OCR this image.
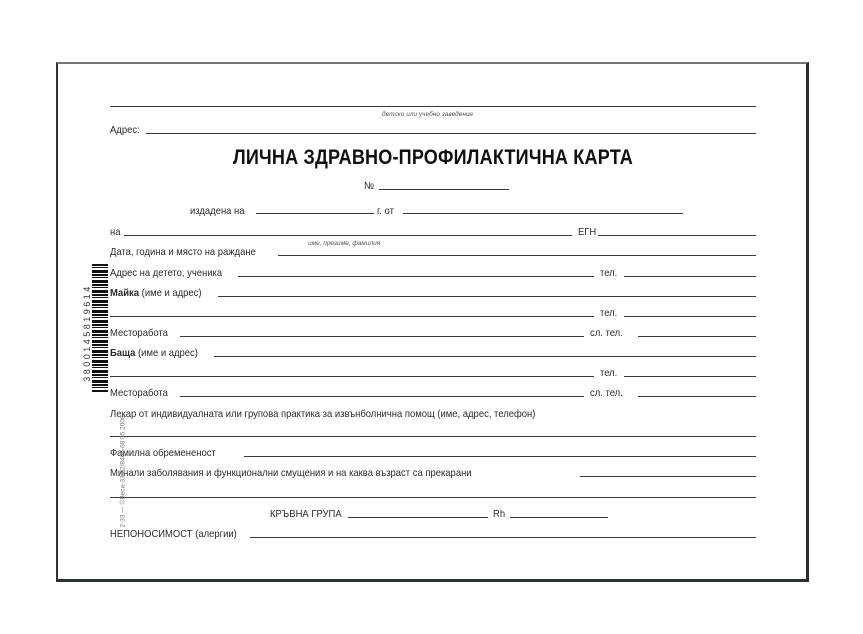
детско или учебно заведение
Адрес:
ЛИЧНА ЗДРАВНО-ПРОФИЛАКТИЧНА КАРТА
№
издадена на	г. от
на	ЕГН
име, презиме, фамилия
Дата, година и място на раждане
Адрес на детето, ученика	тел.
Майка (име и адрес)
тел.
Месторабота	сл. тел.
Баща (име и адрес)
тел.
Месторабота	сл. тел.
Лекар от индивидуалната или групова практика за извънболнична помощ (име, адрес, телефон)
Фамилна обремененост
Минали заболявания и функционални смущения и на каква възраст са прекарани
КРЪВНА ГРУПА	Rh
НЕПОНОСИМОСТ (алергии)
3800145819614
2-33 — ©Веси-33 02/8466-68 05.2008
